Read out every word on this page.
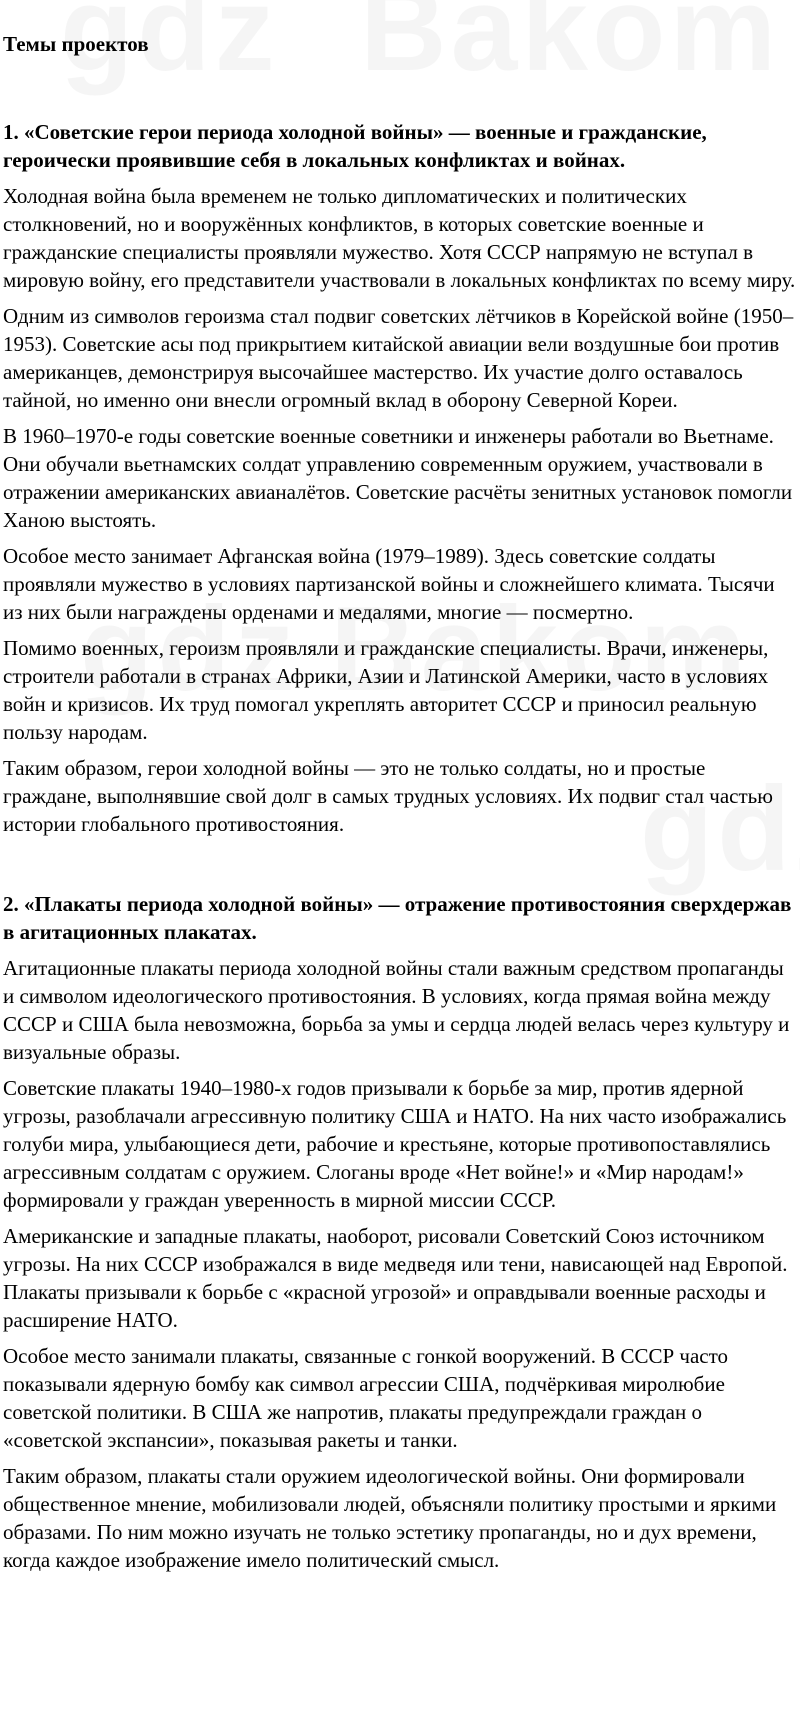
Темы проектов
1. «Советские герои периода холодной войны» — военные и гражданские, героически проявившие себя в локальных конфликтах и войнах.

Холодная война была временем не только дипломатических и политических столкновений, но и вооружённых конфликтов, в которых советские военные и гражданские специалисты проявляли мужество. Хотя СССР напрямую не вступал в мировую войну, его представители участвовали в локальных конфликтах по всему миру.

Одним из символов героизма стал подвиг советских лётчиков в Корейской войне (1950–1953). Советские асы под прикрытием китайской авиации вели воздушные бои против американцев, демонстрируя высочайшее мастерство. Их участие долго оставалось тайной, но именно они внесли огромный вклад в оборону Северной Кореи.

В 1960–1970-е годы советские военные советники и инженеры работали во Вьетнаме. Они обучали вьетнамских солдат управлению современным оружием, участвовали в отражении американских авианалётов. Советские расчёты зенитных установок помогли Ханою выстоять.

Особое место занимает Афганская война (1979–1989). Здесь советские солдаты проявляли мужество в условиях партизанской войны и сложнейшего климата. Тысячи из них были награждены орденами и медалями, многие — посмертно.

Помимо военных, героизм проявляли и гражданские специалисты. Врачи, инженеры, строители работали в странах Африки, Азии и Латинской Америки, часто в условиях войн и кризисов. Их труд помогал укреплять авторитет СССР и приносил реальную пользу народам.

Таким образом, герои холодной войны — это не только солдаты, но и простые граждане, выполнявшие свой долг в самых трудных условиях. Их подвиг стал частью истории глобального противостояния.

2. «Плакаты периода холодной войны» — отражение противостояния сверхдержав в агитационных плакатах.

Агитационные плакаты периода холодной войны стали важным средством пропаганды и символом идеологического противостояния. В условиях, когда прямая война между СССР и США была невозможна, борьба за умы и сердца людей велась через культуру и визуальные образы.

Советские плакаты 1940–1980-х годов призывали к борьбе за мир, против ядерной угрозы, разоблачали агрессивную политику США и НАТО. На них часто изображались голуби мира, улыбающиеся дети, рабочие и крестьяне, которые противопоставлялись агрессивным солдатам с оружием. Слоганы вроде «Нет войне!» и «Мир народам!» формировали у граждан уверенность в мирной миссии СССР.

Американские и западные плакаты, наоборот, рисовали Советский Союз источником угрозы. На них СССР изображался в виде медведя или тени, нависающей над Европой. Плакаты призывали к борьбе с «красной угрозой» и оправдывали военные расходы и расширение НАТО.

Особое место занимали плакаты, связанные с гонкой вооружений. В СССР часто показывали ядерную бомбу как символ агрессии США, подчёркивая миролюбие советской политики. В США же напротив, плакаты предупреждали граждан о «советской экспансии», показывая ракеты и танки.

Таким образом, плакаты стали оружием идеологической войны. Они формировали общественное мнение, мобилизовали людей, объясняли политику простыми и яркими образами. По ним можно изучать не только эстетику пропаганды, но и дух времени, когда каждое изображение имело политический смысл.
